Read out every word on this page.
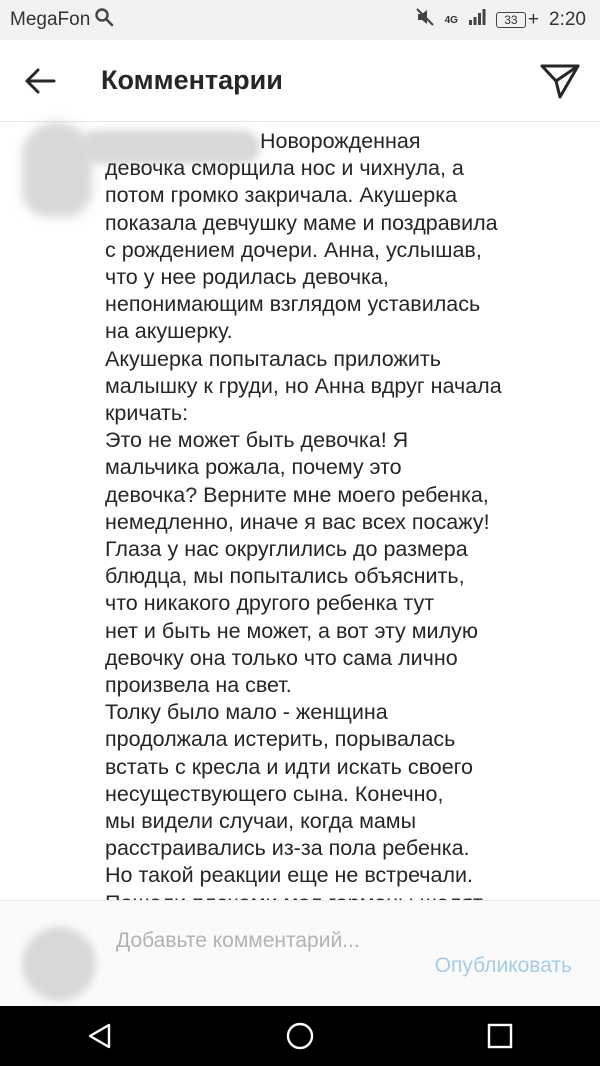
MegaFon	4G	33 + 2:20
Комментарии

Новорожденная

девочка сморщила нос и чихнула, а

потом громко закричала. Акушерка

показала девчушку маме и поздравила

с рождением дочери. Анна, услышав,

что у нее родилась девочка,

непонимающим взглядом уставилась

на акушерку.

Акушерка попыталась приложить

малышку к груди, но Анна вдруг начала

кричать:

Это не может быть девочка! Я

мальчика рожала, почему это

девочка? Верните мне моего ребенка,

немедленно, иначе я вас всех посажу!

Глаза у нас округлились до размера

блюдца, мы попытались объяснить,

что никакого другого ребенка тут

нет и быть не может, а вот эту милую

девочку она только что сама лично

произвела на свет.

Толку было мало - женщина

продолжала истерить, порывалась

встать с кресла и идти искать своего

несуществующего сына. Конечно,

мы видели случаи, когда мамы

расстраивались из-за пола ребенка.

Но такой реакции еще не встречали.

Добавьте комментарий...
Опубликовать
